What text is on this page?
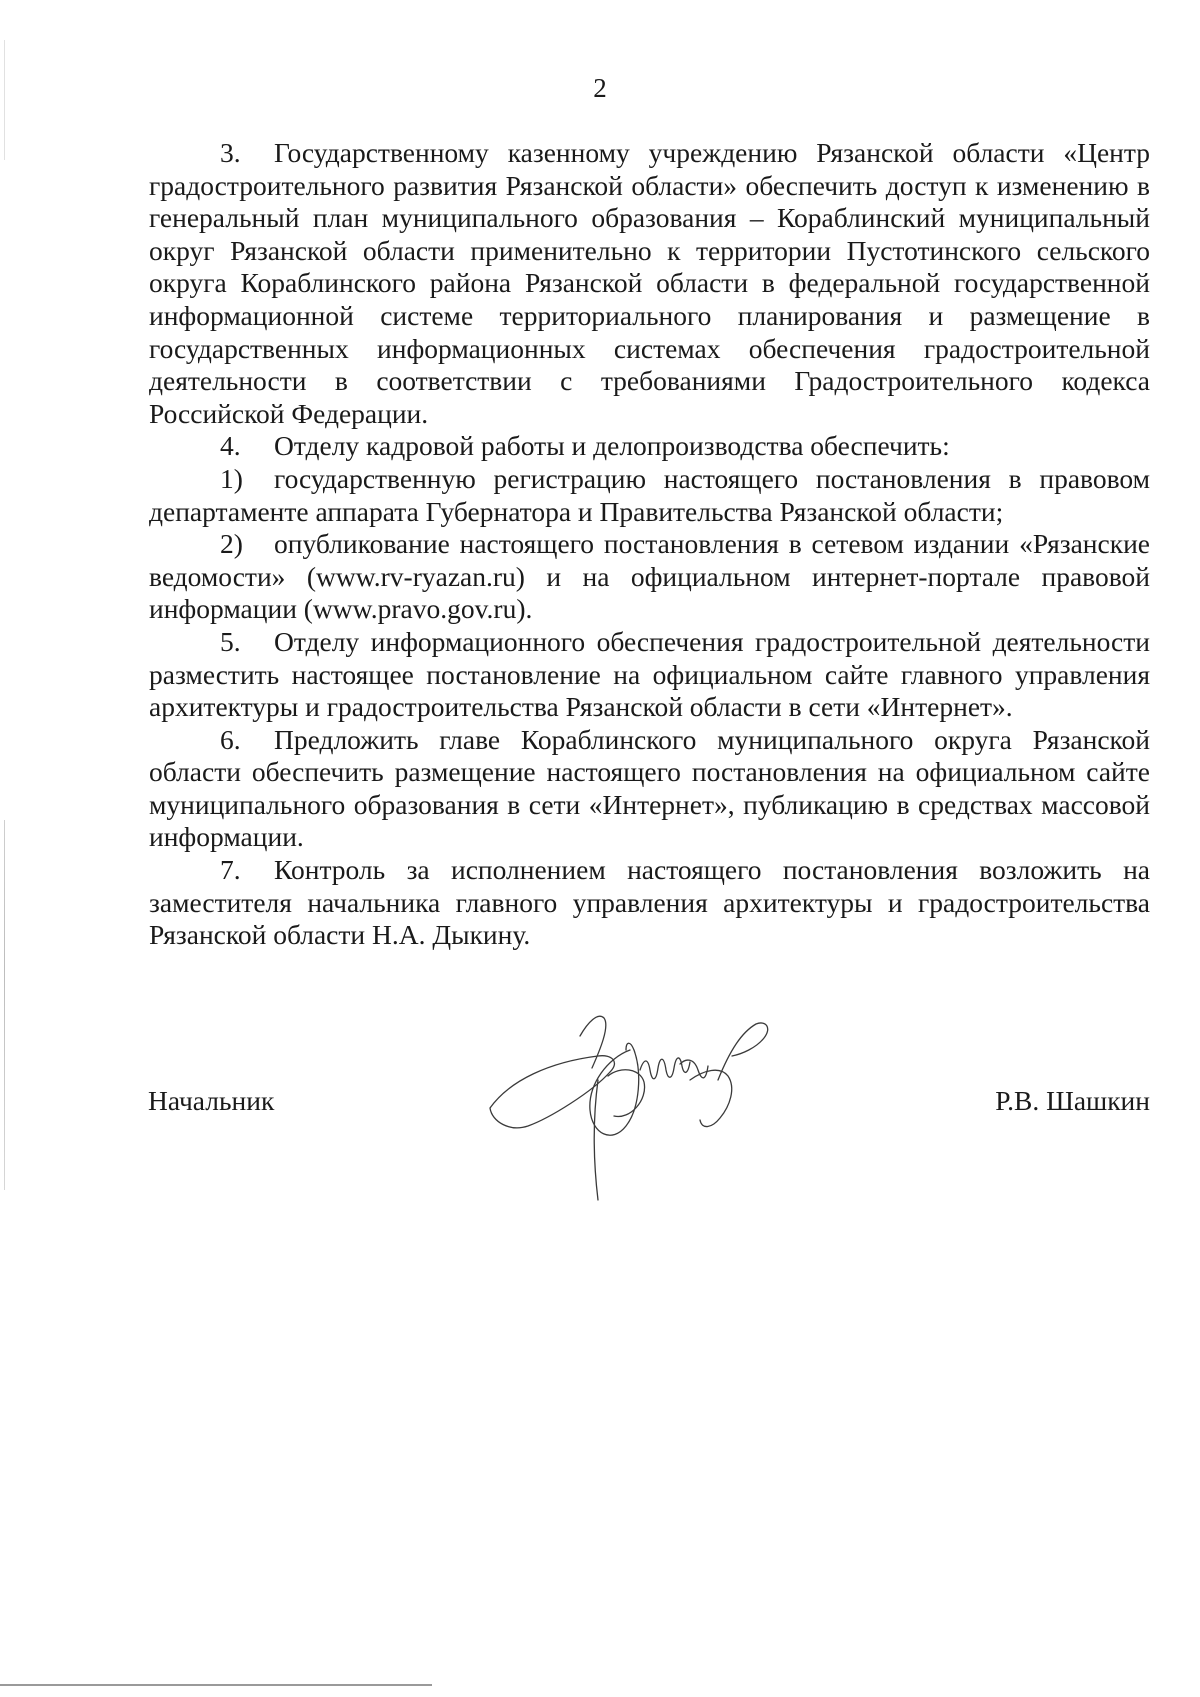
2

3. Государственному казенному учреждению Рязанской области «Центр градостроительного развития Рязанской области» обеспечить доступ к изменению в генеральный план муниципального образования – Кораблинский муниципальный округ Рязанской области применительно к территории Пустотинского сельского округа Кораблинского района Рязанской области в федеральной государственной информационной системе территориального планирования и размещение в государственных информационных системах обеспечения градостроительной деятельности в соответствии с требованиями Градостроительного кодекса Российской Федерации.

4. Отделу кадровой работы и делопроизводства обеспечить:

1) государственную регистрацию настоящего постановления в правовом департаменте аппарата Губернатора и Правительства Рязанской области;

2) опубликование настоящего постановления в сетевом издании «Рязанские ведомости» (www.rv-ryazan.ru) и на официальном интернет-портале правовой информации (www.pravo.gov.ru).

5. Отделу информационного обеспечения градостроительной деятельности разместить настоящее постановление на официальном сайте главного управления архитектуры и градостроительства Рязанской области в сети «Интернет».

6. Предложить главе Кораблинского муниципального округа Рязанской области обеспечить размещение настоящего постановления на официальном сайте муниципального образования в сети «Интернет», публикацию в средствах массовой информации.

7. Контроль за исполнением настоящего постановления возложить на заместителя начальника главного управления архитектуры и градостроительства Рязанской области Н.А. Дыкину.

Начальник	Р.В. Шашкин
